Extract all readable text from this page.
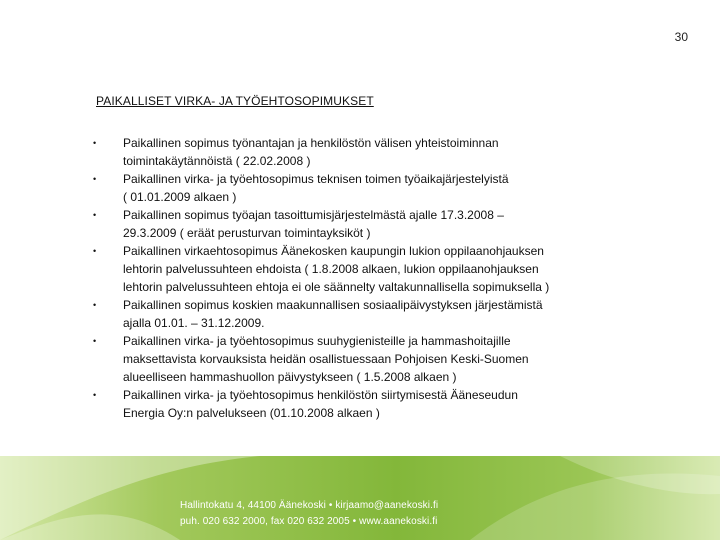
30
PAIKALLISET VIRKA- JA TYÖEHTOSOPIMUKSET
•	Paikallinen sopimus työnantajan ja henkilöstön välisen yhteistoiminnan
toimintakäytännöistä ( 22.02.2008 )
•	Paikallinen virka- ja työehtosopimus teknisen toimen työaikajärjestelyistä
( 01.01.2009 alkaen )
•	Paikallinen sopimus työajan tasoittumisjärjestelmästä ajalle 17.3.2008 –
29.3.2009 ( eräät perusturvan toimintayksiköt )
•	Paikallinen virkaehtosopimus Äänekosken kaupungin lukion oppilaanohjauksen
lehtorin palvelussuhteen ehdoista ( 1.8.2008 alkaen, lukion oppilaanohjauksen
lehtorin palvelussuhteen ehtoja ei ole säännelty valtakunnallisella sopimuksella )
•	Paikallinen sopimus koskien maakunnallisen sosiaalipäivystyksen järjestämistä
ajalla 01.01. – 31.12.2009.
•	Paikallinen virka- ja työehtosopimus suuhygienisteille ja hammashoitajille
maksettavista korvauksista heidän osallistuessaan Pohjoisen Keski-Suomen
alueelliseen hammashuollon päivystykseen ( 1.5.2008 alkaen )
•	Paikallinen virka- ja työehtosopimus henkilöstön siirtymisestä Ääneseudun
Energia Oy:n palvelukseen (01.10.2008 alkaen )
Hallintokatu 4, 44100 Äänekoski • kirjaamo@aanekoski.fi
puh. 020 632 2000, fax 020 632 2005 • www.aanekoski.fi
